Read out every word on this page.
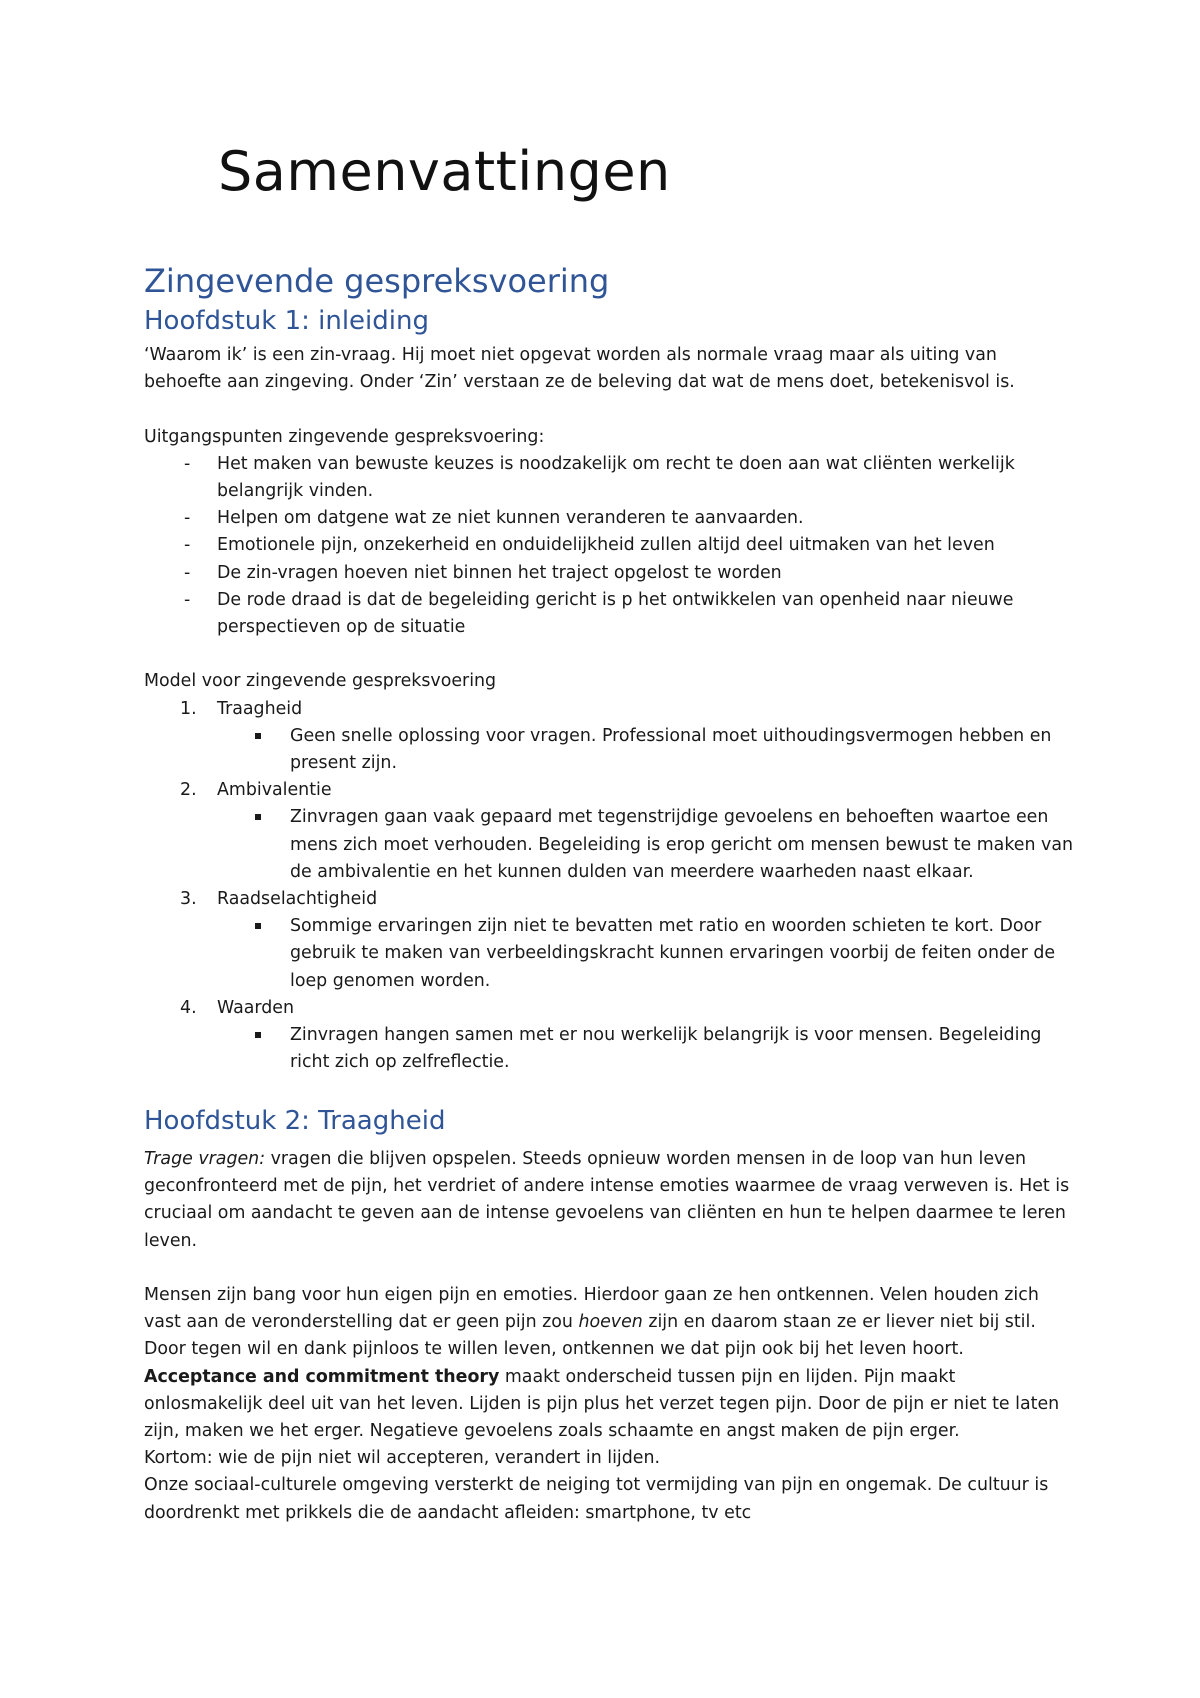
Samenvattingen
Zingevende gespreksvoering
Hoofdstuk 1: inleiding

‘Waarom ik’ is een zin-vraag. Hij moet niet opgevat worden als normale vraag maar als uiting van behoefte aan zingeving. Onder ‘Zin’ verstaan ze de beleving dat wat de mens doet, betekenisvol is.

Uitgangspunten zingevende gespreksvoering:

- Het maken van bewuste keuzes is noodzakelijk om recht te doen aan wat cliënten werkelijk belangrijk vinden.
- Helpen om datgene wat ze niet kunnen veranderen te aanvaarden.
- Emotionele pijn, onzekerheid en onduidelijkheid zullen altijd deel uitmaken van het leven
- De zin-vragen hoeven niet binnen het traject opgelost te worden
- De rode draad is dat de begeleiding gericht is p het ontwikkelen van openheid naar nieuwe perspectieven op de situatie

Model voor zingevende gespreksvoering

1. Traagheid
Geen snelle oplossing voor vragen. Professional moet uithoudingsvermogen hebben en present zijn.
2. Ambivalentie
Zinvragen gaan vaak gepaard met tegenstrijdige gevoelens en behoeften waartoe een mens zich moet verhouden. Begeleiding is erop gericht om mensen bewust te maken van de ambivalentie en het kunnen dulden van meerdere waarheden naast elkaar.
3. Raadselachtigheid
Sommige ervaringen zijn niet te bevatten met ratio en woorden schieten te kort. Door gebruik te maken van verbeeldingskracht kunnen ervaringen voorbij de feiten onder de loep genomen worden.
4. Waarden
Zinvragen hangen samen met er nou werkelijk belangrijk is voor mensen. Begeleiding richt zich op zelfreflectie.
Hoofdstuk 2: Traagheid

Trage vragen: vragen die blijven opspelen. Steeds opnieuw worden mensen in de loop van hun leven geconfronteerd met de pijn, het verdriet of andere intense emoties waarmee de vraag verweven is. Het is cruciaal om aandacht te geven aan de intense gevoelens van cliënten en hun te helpen daarmee te leren leven.

Mensen zijn bang voor hun eigen pijn en emoties. Hierdoor gaan ze hen ontkennen. Velen houden zich vast aan de veronderstelling dat er geen pijn zou hoeven zijn en daarom staan ze er liever niet bij stil.

Door tegen wil en dank pijnloos te willen leven, ontkennen we dat pijn ook bij het leven hoort.

Acceptance and commitment theory maakt onderscheid tussen pijn en lijden. Pijn maakt onlosmakelijk deel uit van het leven. Lijden is pijn plus het verzet tegen pijn. Door de pijn er niet te laten zijn, maken we het erger. Negatieve gevoelens zoals schaamte en angst maken de pijn erger.

Kortom: wie de pijn niet wil accepteren, verandert in lijden.

Onze sociaal-culturele omgeving versterkt de neiging tot vermijding van pijn en ongemak. De cultuur is doordrenkt met prikkels die de aandacht afleiden: smartphone, tv etc
